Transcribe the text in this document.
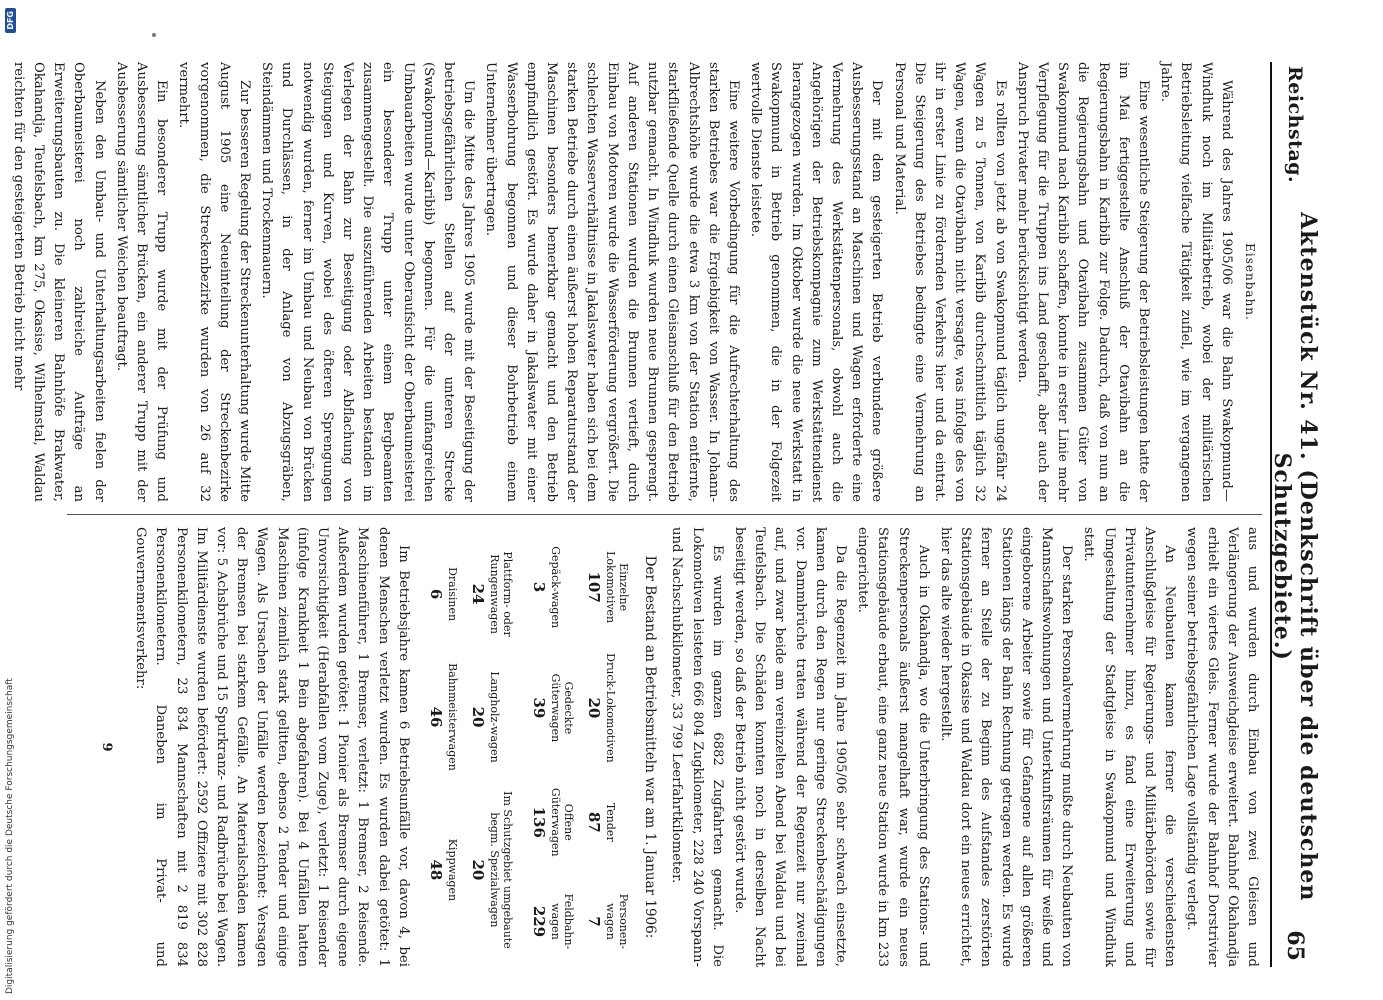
Digitalisierung gefördert durch die Deutsche Forschungsgemeinschaft
DFG
Reichstag.
Aktenstück Nr. 41. (Denkschrift über die deutschen Schutzgebiete.)
65
Eisenbahn.

Während des Jahres 1905/06 war die Bahn Swakopmund—Windhuk noch im Militärbetrieb, wobei der militärischen Betriebsleitung vielfache Tätigkeit zufiel, wie im vergangenen Jahre.

Eine wesentliche Steigerung der Betriebsleistungen hatte der im Mai fertiggestellte Anschluß der Otavibahn an die Regierungsbahn in Karibib zur Folge. Dadurch, daß von nun an die Regierungsbahn und Otavibahn zusammen Güter von Swakopmund nach Karibib schaffen, konnte in erster Linie mehr Verpflegung für die Truppen ins Land geschafft, aber auch der Anspruch Privater mehr berücksichtigt werden.

Es rollten von jetzt ab von Swakopmund täglich ungefähr 24 Wagen zu 5 Tonnen, von Karibib durchschnittlich täglich 32 Wagen, wenn die Otavibahn nicht versagte, was infolge des von ihr in erster Linie zu fördernden Verkehrs hier und da eintrat. Die Steigerung des Betriebes bedingte eine Vermehrung an Personal und Material.

Der mit dem gesteigerten Betrieb verbundene größere Ausbesserungsstand an Maschinen und Wagen erforderte eine Vermehrung des Werkstättenpersonals, obwohl auch die Angehörigen der Betriebskompagnie zum Werkstättendienst herangezogen wurden. Im Oktober wurde die neue Werkstatt in Swakopmund in Betrieb genommen, die in der Folgezeit wertvolle Dienste leistete.

Eine weitere Vorbedingung für die Aufrechterhaltung des starken Betriebes war die Ergiebigkeit von Wasser. In Johann-Albrechtshöhe wurde die etwa 3 km von der Station entfernte, starkfließende Quelle durch einen Gleisanschluß für den Betrieb nutzbar gemacht. In Windhuk wurden neue Brunnen gesprengt. Auf anderen Stationen wurden die Brunnen vertieft, durch Einbau von Motoren wurde die Wasserförderung vergrößert. Die schlechten Wasserverhältnisse in Jakalswater haben sich bei dem starken Betriebe durch einen äußerst hohen Reparaturstand der Maschinen besonders bemerkbar gemacht und den Betrieb empfindlich gestört. Es wurde daher in Jakalswater mit einer Wasserbohrung begonnen und dieser Bohrbetrieb einem Unternehmer übertragen.

Um die Mitte des Jahres 1905 wurde mit der Beseitigung der betriebsgefährlichen Stellen auf der unteren Strecke (Swakopmund—Karibib) begonnen. Für die umfangreichen Umbauarbeiten wurde unter Oberaufsicht der Oberbaumeisterei ein besonderer Trupp unter einem Bergbeamten zusammengestellt. Die auszuführenden Arbeiten bestanden im Verlegen der Bahn zur Beseitigung oder Abflachung von Steigungen und Kurven, wobei des öfteren Sprengungen notwendig wurden, ferner im Umbau und Neubau von Brücken und Durchlässen, in der Anlage von Abzugsgräben, Steindämmen und Trockenmauern.

Zur besseren Regelung der Streckenunterhaltung wurde Mitte August 1905 eine Neueinteilung der Streckenbezirke vorgenommen, die Streckenbezirke wurden von 26 auf 32 vermehrt.

Ein besonderer Trupp wurde mit der Prüfung und Ausbesserung sämtlicher Brücken, ein anderer Trupp mit der Ausbesserung sämtlicher Weichen beauftragt.

Neben den Umbau- und Unterhaltungsarbeiten fielen der Oberbaumeisterei noch zahlreiche Aufträge an Erweiterungsbauten zu. Die kleineren Bahnhöfe Brakwater, Okahandja, Teufelsbach, km 275, Okasise, Wilhelmstal, Waldau reichten für den gesteigerten Betrieb nicht mehr

aus und wurden durch Einbau von zwei Gleisen und Verlängerung der Ausweichgleise erweitert. Bahnhof Okahandja erhielt ein viertes Gleis. Ferner wurde der Bahnhof Dorstrivier wegen seiner betriebsgefährlichen Lage vollständig verlegt.

An Neubauten kamen ferner die verschiedensten Anschlußgleise für Regierungs- und Militärbehörden sowie für Privatunternehmer hinzu, es fand eine Erweiterung und Umgestaltung der Stadtgleise in Swakopmund und Windhuk statt.

Der starken Personalvermehrung mußte durch Neubauten von Mannschaftswohnungen und Unterkunftsräumen für weiße und eingeborene Arbeiter sowie für Gefangene auf allen größeren Stationen längs der Bahn Rechnung getragen werden. Es wurde ferner an Stelle der zu Beginn des Aufstandes zerstörten Stationsgebäude in Okasise und Waldau dort ein neues errichtet, hier das alte wieder hergestellt.

Auch in Okahandja, wo die Unterbringung des Stations- und Streckenpersonals äußerst mangelhaft war, wurde ein neues Stationsgebäude erbaut, eine ganz neue Station wurde in km 233 eingerichtet.

Da die Regenzeit im Jahre 1905/06 sehr schwach einsetzte, kamen durch den Regen nur geringe Streckenbeschädigungen vor. Dammbrüche traten während der Regenzeit nur zweimal auf, und zwar beide am vereinzelten Abend bei Waldau und bei Teufelsbach. Die Schäden konnten noch in derselben Nacht beseitigt werden, so daß der Betrieb nicht gestört wurde.

Es wurden im ganzen 6882 Zugfahrten gemacht. Die Lokomotiven leisteten 666 804 Zugkilometer, 228 240 Vorspann- und Nachschubkilometer, 33 799 Leerfahrtkilometer.

Der Bestand an Betriebsmitteln war am 1. Januar 1906:
Einzelne Lokomotiven	Druck-Lokomotiven	Tender	Personen-wagen
107	20	87	7
Gepäck-wagen	Gedeckte Güterwagen	Offene Güterwagen	Feldbahn-wagen
3	39	136	229
Plattform- oder Rungenwagen	Langholz-wagen	Im Schutzgebiet umgebaute begm. Spezialwagen
24	20	20
Draisinen	Bahnmeisterwagen	Kippwagen
6	46	48

Im Betriebsjahre kamen 6 Betriebsunfälle vor, davon 4, bei denen Menschen verletzt wurden. Es wurden dabei getötet: 1 Maschinenführer, 1 Bremser, verletzt: 1 Bremser, 2 Reisende. Außerdem wurden getötet: 1 Pionier als Bremser durch eigene Unvorsichtigkeit (Herabfallen vom Zuge), verletzt: 1 Reisender (infolge Krankheit 1 Bein abgefahren). Bei 4 Unfällen hatten Maschinen ziemlich stark gelitten, ebenso 2 Tender und einige Wagen. Als Ursachen der Unfälle werden bezeichnet: Versagen der Bremsen bei starkem Gefälle. An Materialschäden kamen vor: 5 Achsbrüche und 15 Spurkranz- und Radbrüche bei Wagen. Im Militärdienste wurden befördert: 2592 Offiziere mit 302 828 Personenkilometern, 23 834 Mannschaften mit 2 819 834 Personenkilometern. Daneben im Privat- und Gouvernementsverkehr:

9
